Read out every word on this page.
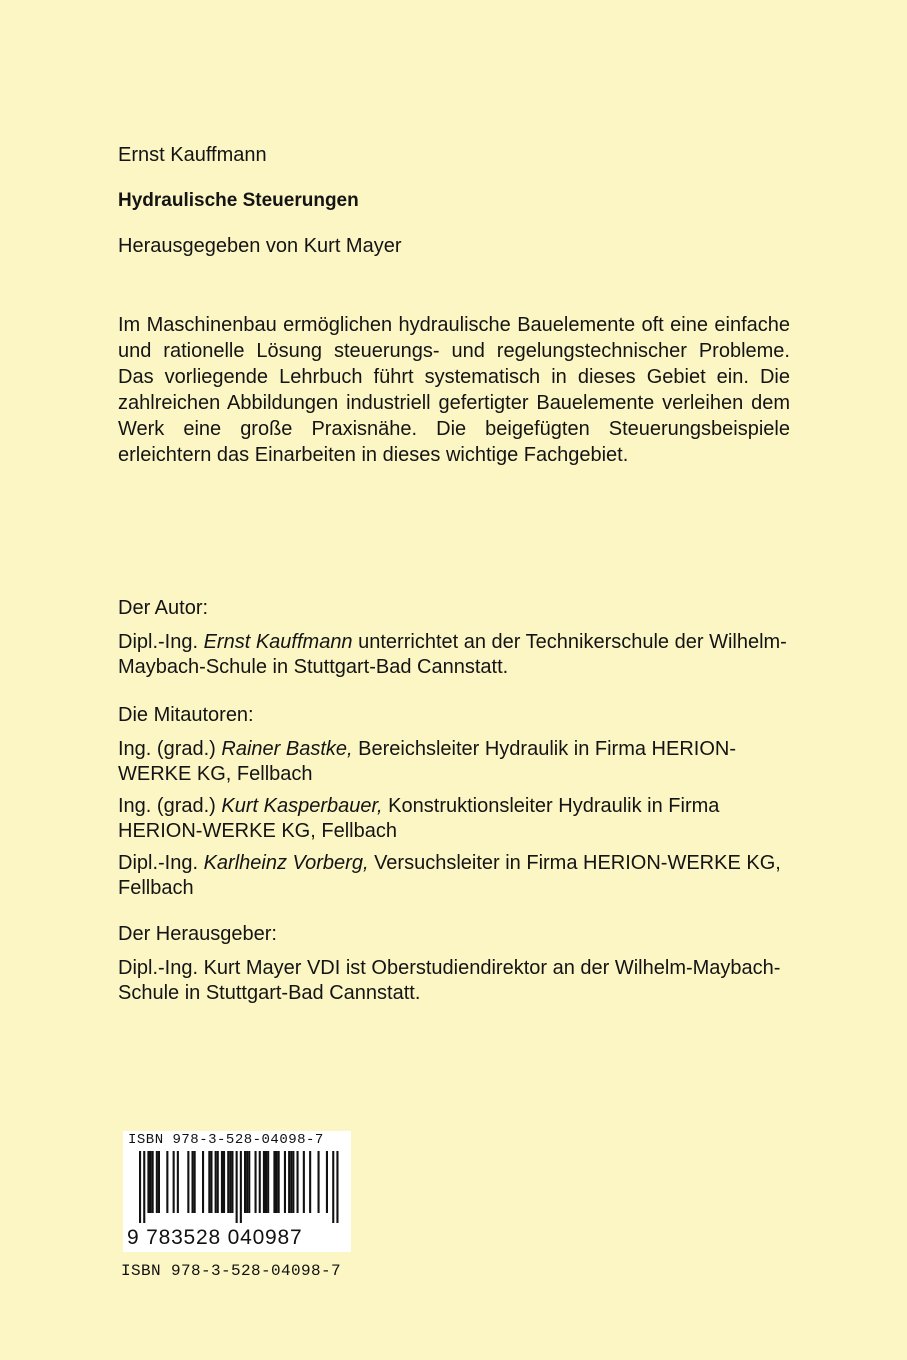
Ernst Kauffmann
Hydraulische Steuerungen
Herausgegeben von Kurt Mayer

Im Maschinenbau ermöglichen hydraulische Bauelemente oft eine einfache und rationelle Lösung steuerungs- und regelungstechnischer Probleme. Das vorliegende Lehrbuch führt systematisch in dieses Gebiet ein. Die zahlreichen Abbildungen industriell gefertigter Bauelemente verleihen dem Werk eine große Praxisnähe. Die beigefügten Steuerungsbeispiele erleichtern das Einarbeiten in dieses wichtige Fachgebiet.

Der Autor:
Dipl.-Ing. Ernst Kauffmann unterrichtet an der Technikerschule der Wilhelm-Maybach-Schule in Stuttgart-Bad Cannstatt.
Die Mitautoren:
Ing. (grad.) Rainer Bastke, Bereichsleiter Hydraulik in Firma HERION-WERKE KG, Fellbach
Ing. (grad.) Kurt Kasperbauer, Konstruktionsleiter Hydraulik in Firma HERION-WERKE KG, Fellbach
Dipl.-Ing. Karlheinz Vorberg, Versuchsleiter in Firma HERION-WERKE KG, Fellbach
Der Herausgeber:
Dipl.-Ing. Kurt Mayer VDI ist Oberstudiendirektor an der Wilhelm-Maybach-Schule in Stuttgart-Bad Cannstatt.
ISBN 978-3-528-04098-7
9 783528 040987
ISBN 978-3-528-04098-7
